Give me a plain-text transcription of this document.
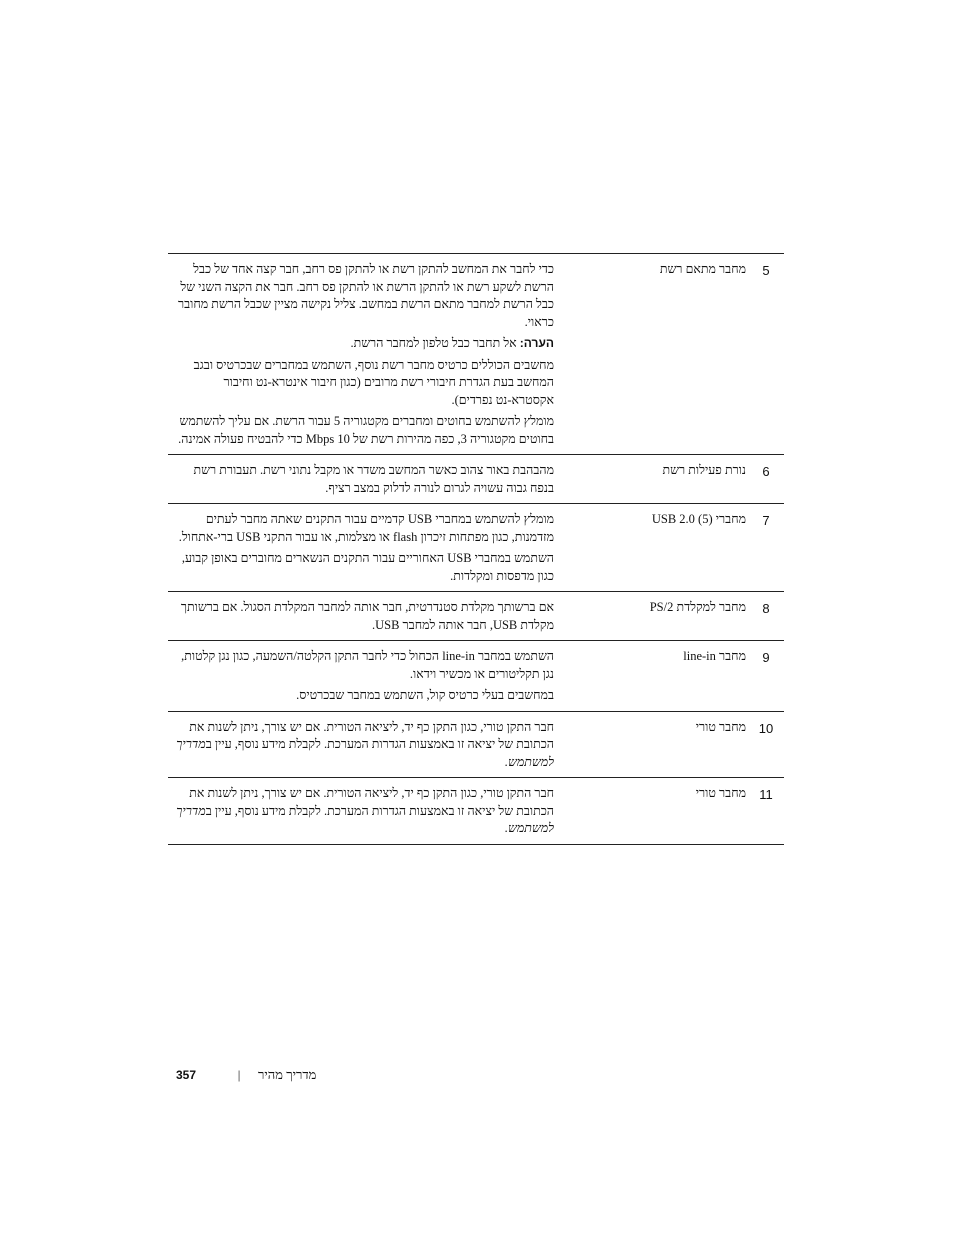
5
מחבר מתאם רשת

כדי לחבר את המחשב להתקן רשת או להתקן פס רחב, חבר קצה אחד של כבל הרשת לשקע רשת או להתקן הרשת או להתקן פס רחב. חבר את הקצה השני של כבל הרשת למחבר מתאם הרשת במחשב. צליל נקישה מציין שכבל הרשת מחובר כראוי.

הערה: אל תחבר כבל טלפון למחבר הרשת.

מחשבים הכוללים כרטיס מחבר רשת נוסף, השתמש במחברים שבכרטיס ובגב המחשב בעת הגדרת חיבורי רשת מרובים (כגון חיבור אינטרא-נט וחיבור אקסטרא-נט נפרדים).

מומלץ להשתמש בחוטים ומחברים מקטגוריה 5 עבור הרשת. אם עליך להשתמש בחוטים מקטגוריה 3, כפה מהירות רשת של 10 Mbps כדי להבטיח פעולה אמינה.

6
נורת פעילות רשת

מהבהבת באור צהוב כאשר המחשב משדר או מקבל נתוני רשת. תעבורת רשת בנפח גבוה עשויה לגרום לנורה לדלוק במצב רציף.

7
מחברי USB 2.0 (5)

מומלץ להשתמש במחברי USB קדמיים עבור התקנים שאתה מחבר לעתים מזדמנות, כגון מפתחות זיכרון flash או מצלמות, או עבור התקני USB ברי-אתחול.

השתמש במחברי USB האחוריים עבור התקנים הנשארים מחוברים באופן קבוע, כגון מדפסות ומקלדות.

8
מחבר למקלדת PS/2

אם ברשותך מקלדת סטנדרטית, חבר אותה למחבר המקלדת הסגול. אם ברשותך מקלדת USB, חבר אותה למחבר USB.

9
מחבר line-in

השתמש במחבר line-in הכחול כדי לחבר התקן הקלטה/השמעה, כגון נגן קלטות, נגן תקליטורים או מכשיר וידאו.

במחשבים בעלי כרטיס קול, השתמש במחבר שבכרטיס.

10
מחבר טורי

חבר התקן טורי, כגון התקן כף יד, ליציאה הטורית. אם יש צורך, ניתן לשנות את הכתובת של יציאה זו באמצעות הגדרות המערכת. לקבלת מידע נוסף, עיין במדריך למשתמש.

11
מחבר טורי

חבר התקן טורי, כגון התקן כף יד, ליציאה הטורית. אם יש צורך, ניתן לשנות את הכתובת של יציאה זו באמצעות הגדרות המערכת. לקבלת מידע נוסף, עיין במדריך למשתמש.

357	|	מדריך מהיר
